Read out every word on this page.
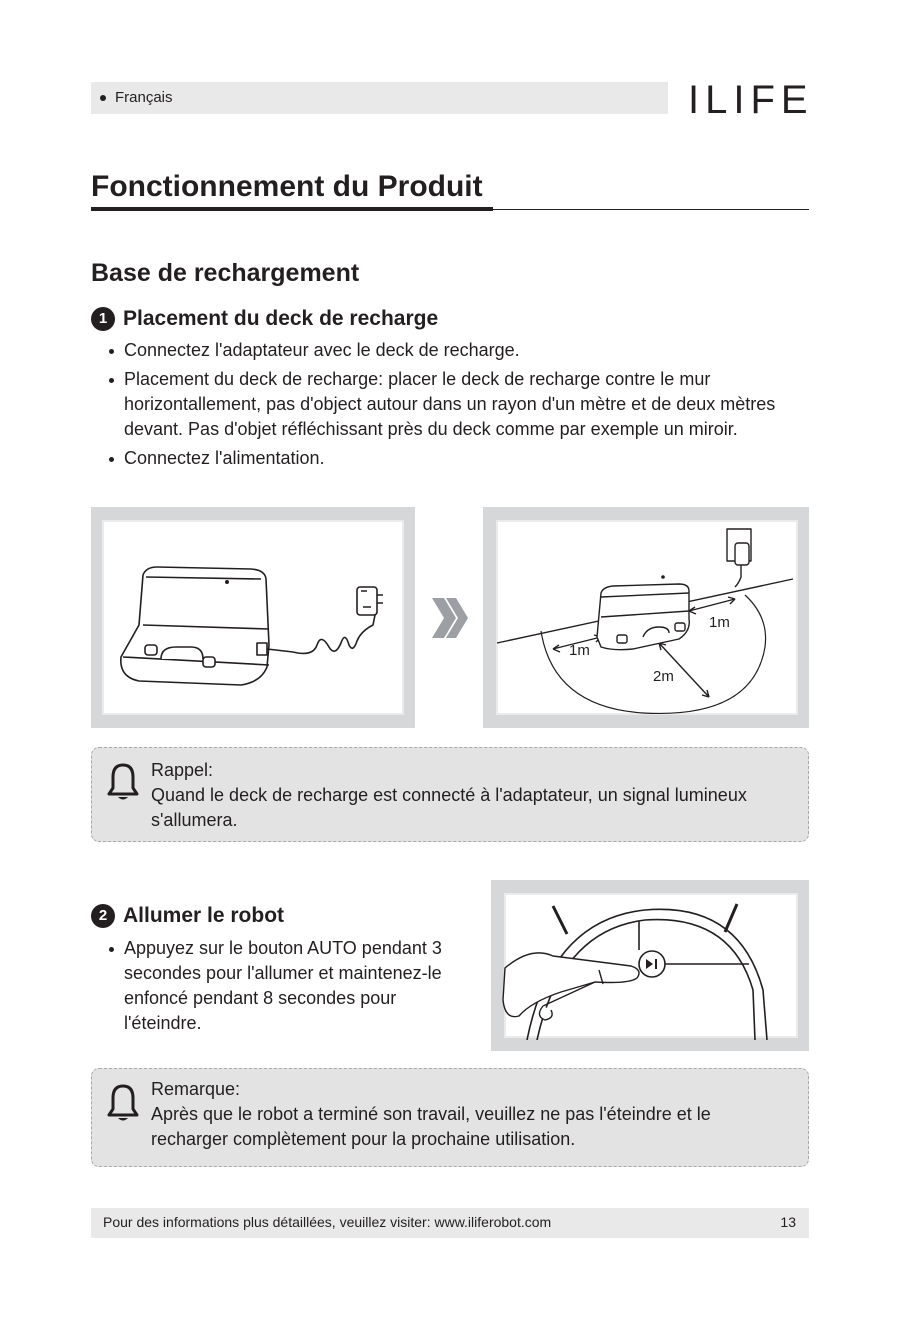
Français	ILIFE
Fonctionnement du Produit
Base de rechargement
1 Placement du deck de recharge
Connectez l'adaptateur avec le deck de recharge.
Placement du deck de recharge: placer le deck de recharge contre le mur horizontallement, pas d'object autour dans un rayon d'un mètre et de deux mètres devant. Pas d'objet réfléchissant près du deck comme par exemple un miroir.
Connectez l'alimentation.
1m
1m
2m
Rappel:
Quand le deck de recharge est connecté à l'adaptateur, un signal lumineux s'allumera.
2 Allumer le robot
Appuyez sur le bouton AUTO pendant 3 secondes pour l'allumer et maintenez-le enfoncé pendant 8 secondes pour l'éteindre.
Remarque:
Après que le robot a terminé son travail, veuillez ne pas l'éteindre et le recharger complètement pour la prochaine utilisation.
Pour des informations plus détaillées, veuillez visiter: www.iliferobot.com	13
